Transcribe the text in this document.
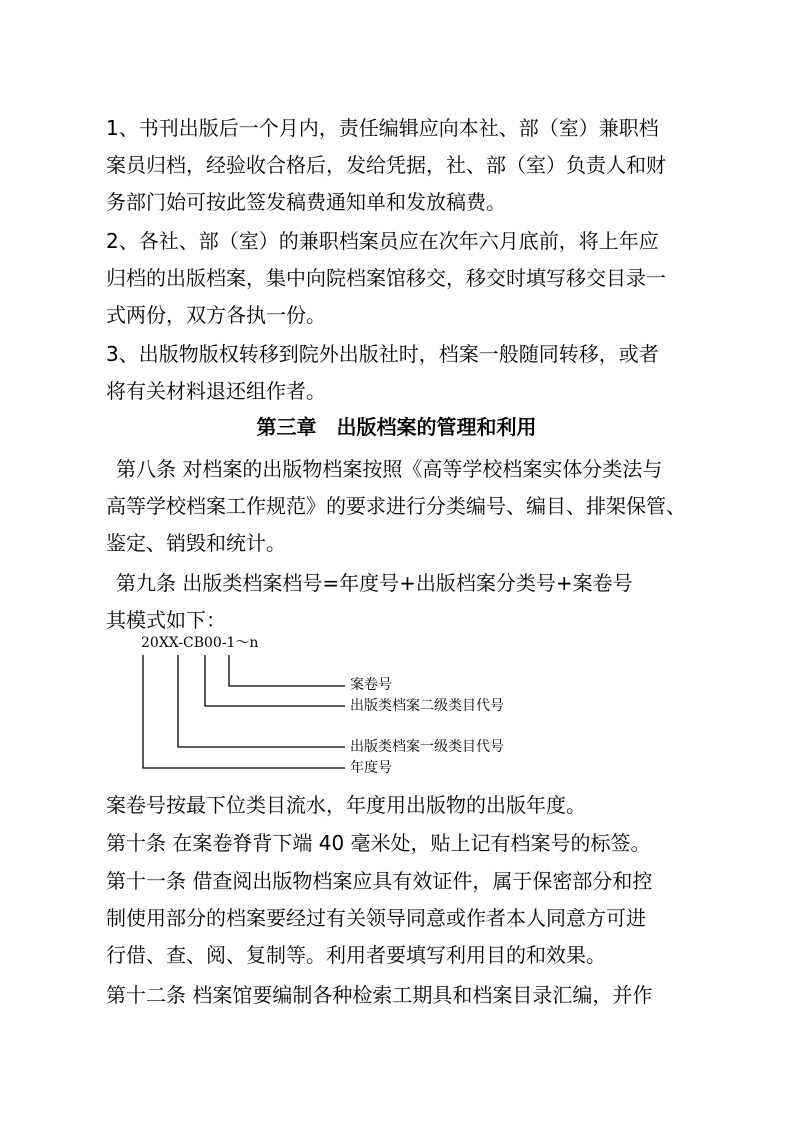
1、书刊出版后一个月内，责任编辑应向本社、部（室）兼职档
案员归档，经验收合格后，发给凭据，社、部（室）负责人和财
务部门始可按此签发稿费通知单和发放稿费。
2、各社、部（室）的兼职档案员应在次年六月底前，将上年应
归档的出版档案，集中向院档案馆移交，移交时填写移交目录一
式两份，双方各执一份。
3、出版物版权转移到院外出版社时，档案一般随同转移，或者
将有关材料退还组作者。
第三章　出版档案的管理和利用
第八条 对档案的出版物档案按照《高等学校档案实体分类法与
高等学校档案工作规范》的要求进行分类编号、编目、排架保管、
鉴定、销毁和统计。
第九条 出版类档案档号=年度号+出版档案分类号+案卷号
其模式如下：
20XX-CB00-1～n
案卷号
出版类档案二级类目代号
出版类档案一级类目代号
年度号
案卷号按最下位类目流水，年度用出版物的出版年度。
第十条 在案卷脊背下端 40 毫米处，贴上记有档案号的标签。
第十一条 借查阅出版物档案应具有效证件，属于保密部分和控
制使用部分的档案要经过有关领导同意或作者本人同意方可进
行借、查、阅、复制等。利用者要填写利用目的和效果。
第十二条 档案馆要编制各种检索工期具和档案目录汇编，并作
